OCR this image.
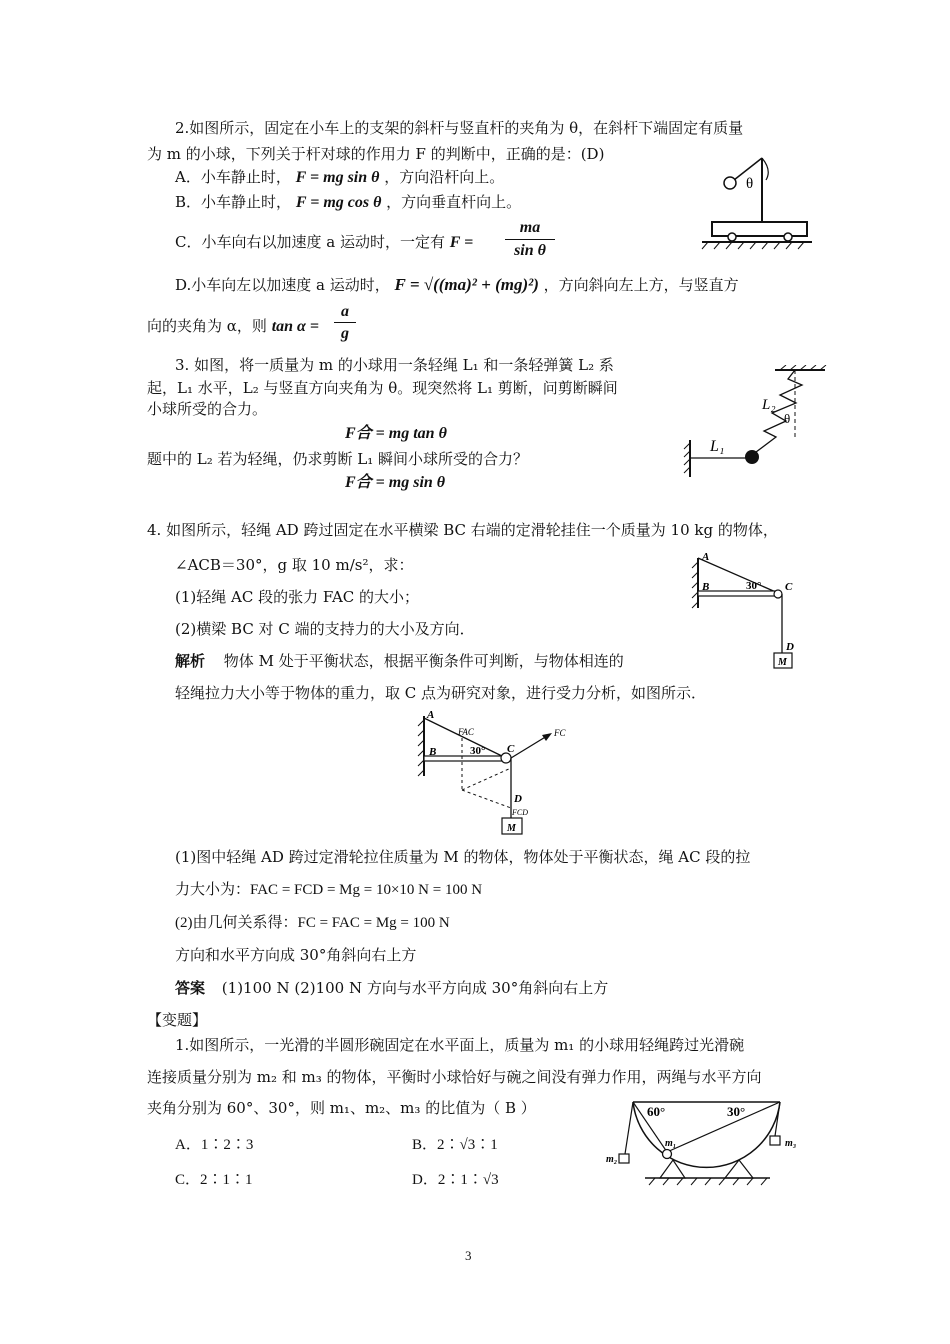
2.如图所示，固定在小车上的支架的斜杆与竖直杆的夹角为 θ，在斜杆下端固定有质量
为 m 的小球，下列关于杆对球的作用力 F 的判断中，正确的是：(D)
A．小车静止时， F = mg sin θ ，方向沿杆向上。
B．小车静止时， F = mg cos θ ，方向垂直杆向上。
C．小车向右以加速度 a 运动时，一定有 F =
ma
sin θ
D.小车向左以加速度 a 运动时， F = √((ma)² + (mg)²) ，方向斜向左上方，与竖直方
向的夹角为 α，则 tan α =
a
g
θ
3. 如图，将一质量为 m 的小球用一条轻绳 L₁ 和一条轻弹簧 L₂ 系
起，L₁ 水平，L₂ 与竖直方向夹角为 θ。现突然将 L₁ 剪断，问剪断瞬间
小球所受的合力。
F合 = mg tan θ
题中的 L₂ 若为轻绳，仍求剪断 L₁ 瞬间小球所受的合力？
F合 = mg sin θ
L₂
θ
L₁
4. 如图所示，轻绳 AD 跨过固定在水平横梁 BC 右端的定滑轮挂住一个质量为 10 kg 的物体，
∠ACB＝30°，g 取 10 m/s²，求：
(1)轻绳 AC 段的张力 FAC 的大小；
(2)横梁 BC 对 C 端的支持力的大小及方向．
解析 物体 M 处于平衡状态，根据平衡条件可判断，与物体相连的
轻绳拉力大小等于物体的重力，取 C 点为研究对象，进行受力分析，如图所示．
A
B	30° C
D
M
A
B	30° C
FAC	FC
D
FCD
M
(1)图中轻绳 AD 跨过定滑轮拉住质量为 M 的物体，物体处于平衡状态，绳 AC 段的拉
力大小为：FAC = FCD = Mg = 10×10 N = 100 N
(2)由几何关系得：FC = FAC = Mg = 100 N
方向和水平方向成 30°角斜向右上方
答案 (1)100 N (2)100 N 方向与水平方向成 30°角斜向右上方
【变题】
1.如图所示，一光滑的半圆形碗固定在水平面上，质量为 m₁ 的小球用轻绳跨过光滑碗
连接质量分别为 m₂ 和 m₃ 的物体，平衡时小球恰好与碗之间没有弹力作用，两绳与水平方向
夹角分别为 60°、30°，则 m₁、m₂、m₃ 的比值为（ B ）
A．1∶2∶3	B．2∶√3∶1
C．2∶1∶1	D．2∶1∶√3
60°	30°
m₁
m₂
m₃
3
